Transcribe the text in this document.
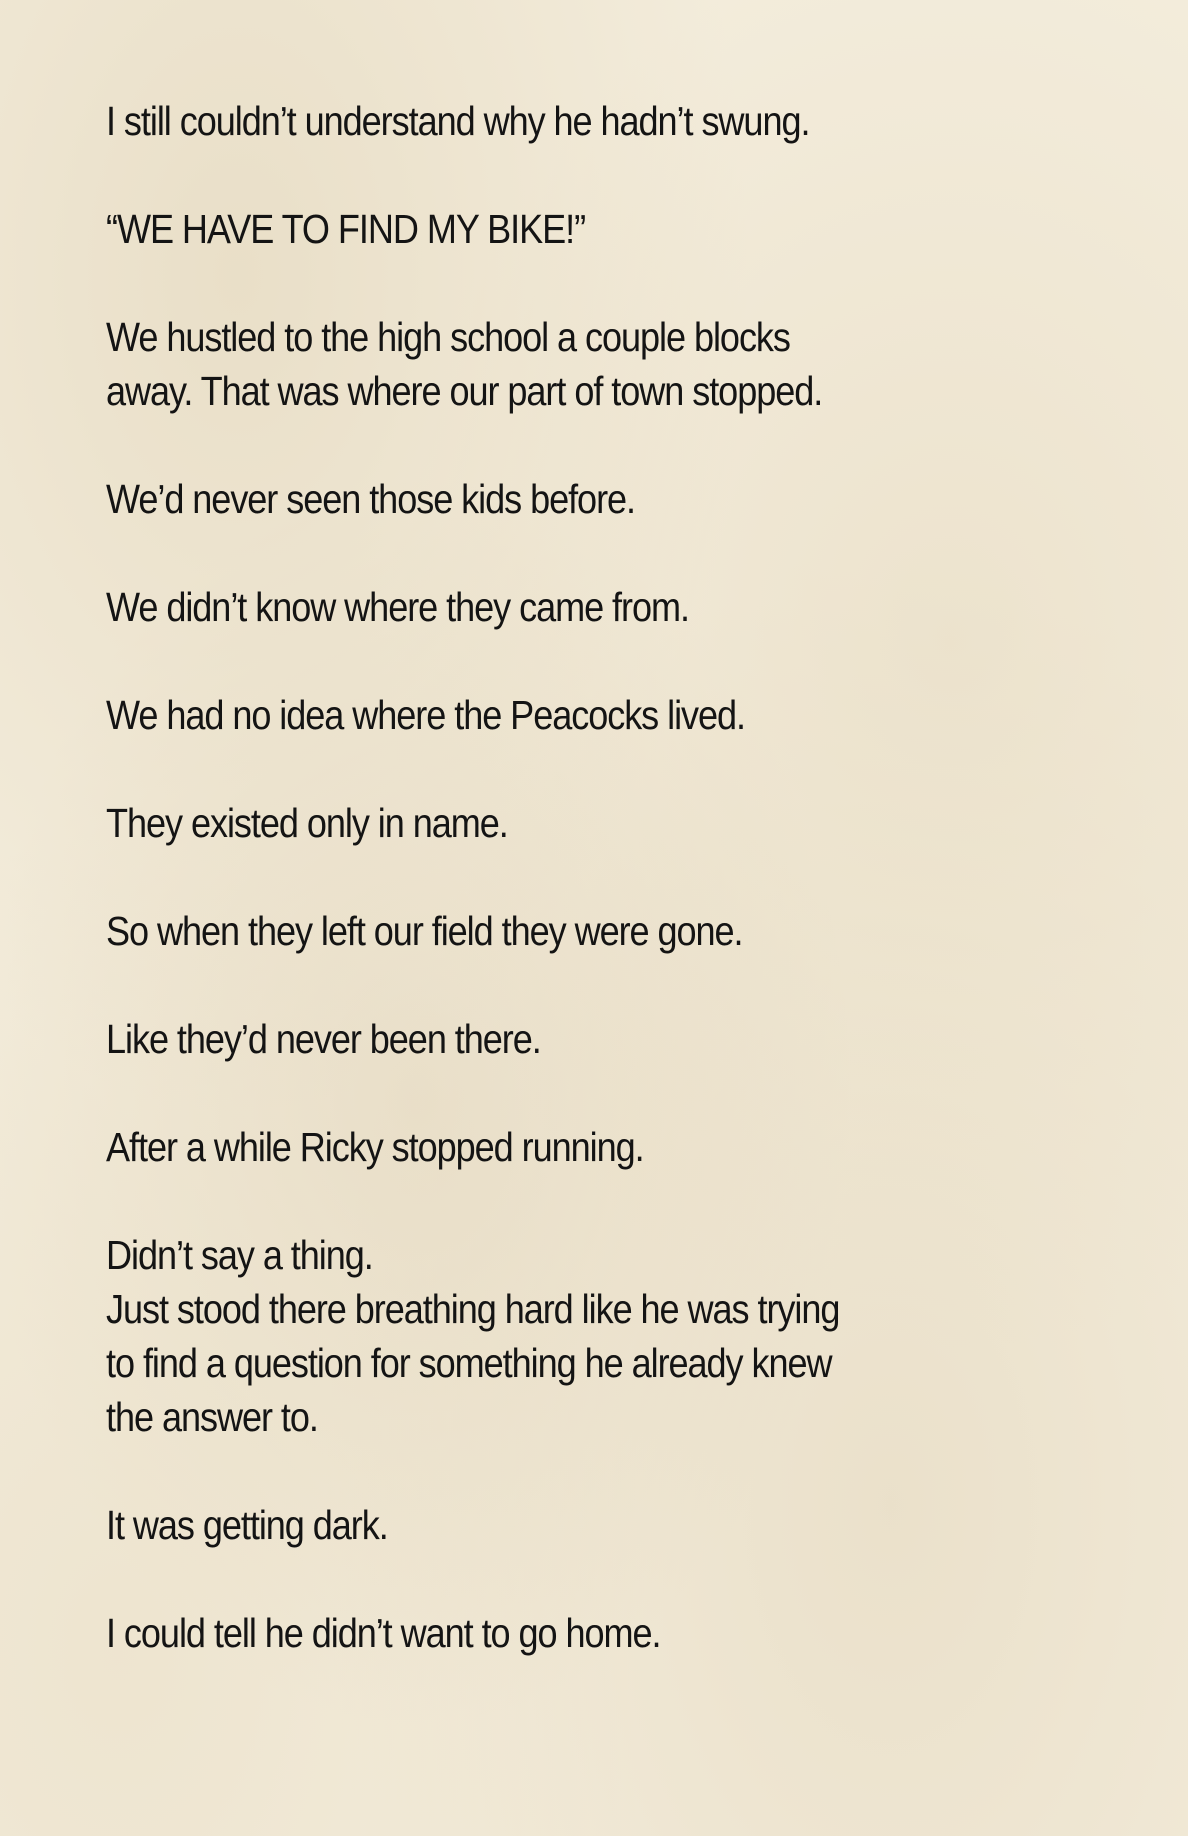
I still couldn’t understand why he hadn’t swung.

“WE HAVE TO FIND MY BIKE!”

We hustled to the high school a couple blocks
away. That was where our part of town stopped.

We’d never seen those kids before.

We didn’t know where they came from.

We had no idea where the Peacocks lived.

They existed only in name.

So when they left our field they were gone.

Like they’d never been there.

After a while Ricky stopped running.

Didn’t say a thing.
Just stood there breathing hard like he was trying
to find a question for something he already knew
the answer to.

It was getting dark.

I could tell he didn’t want to go home.
